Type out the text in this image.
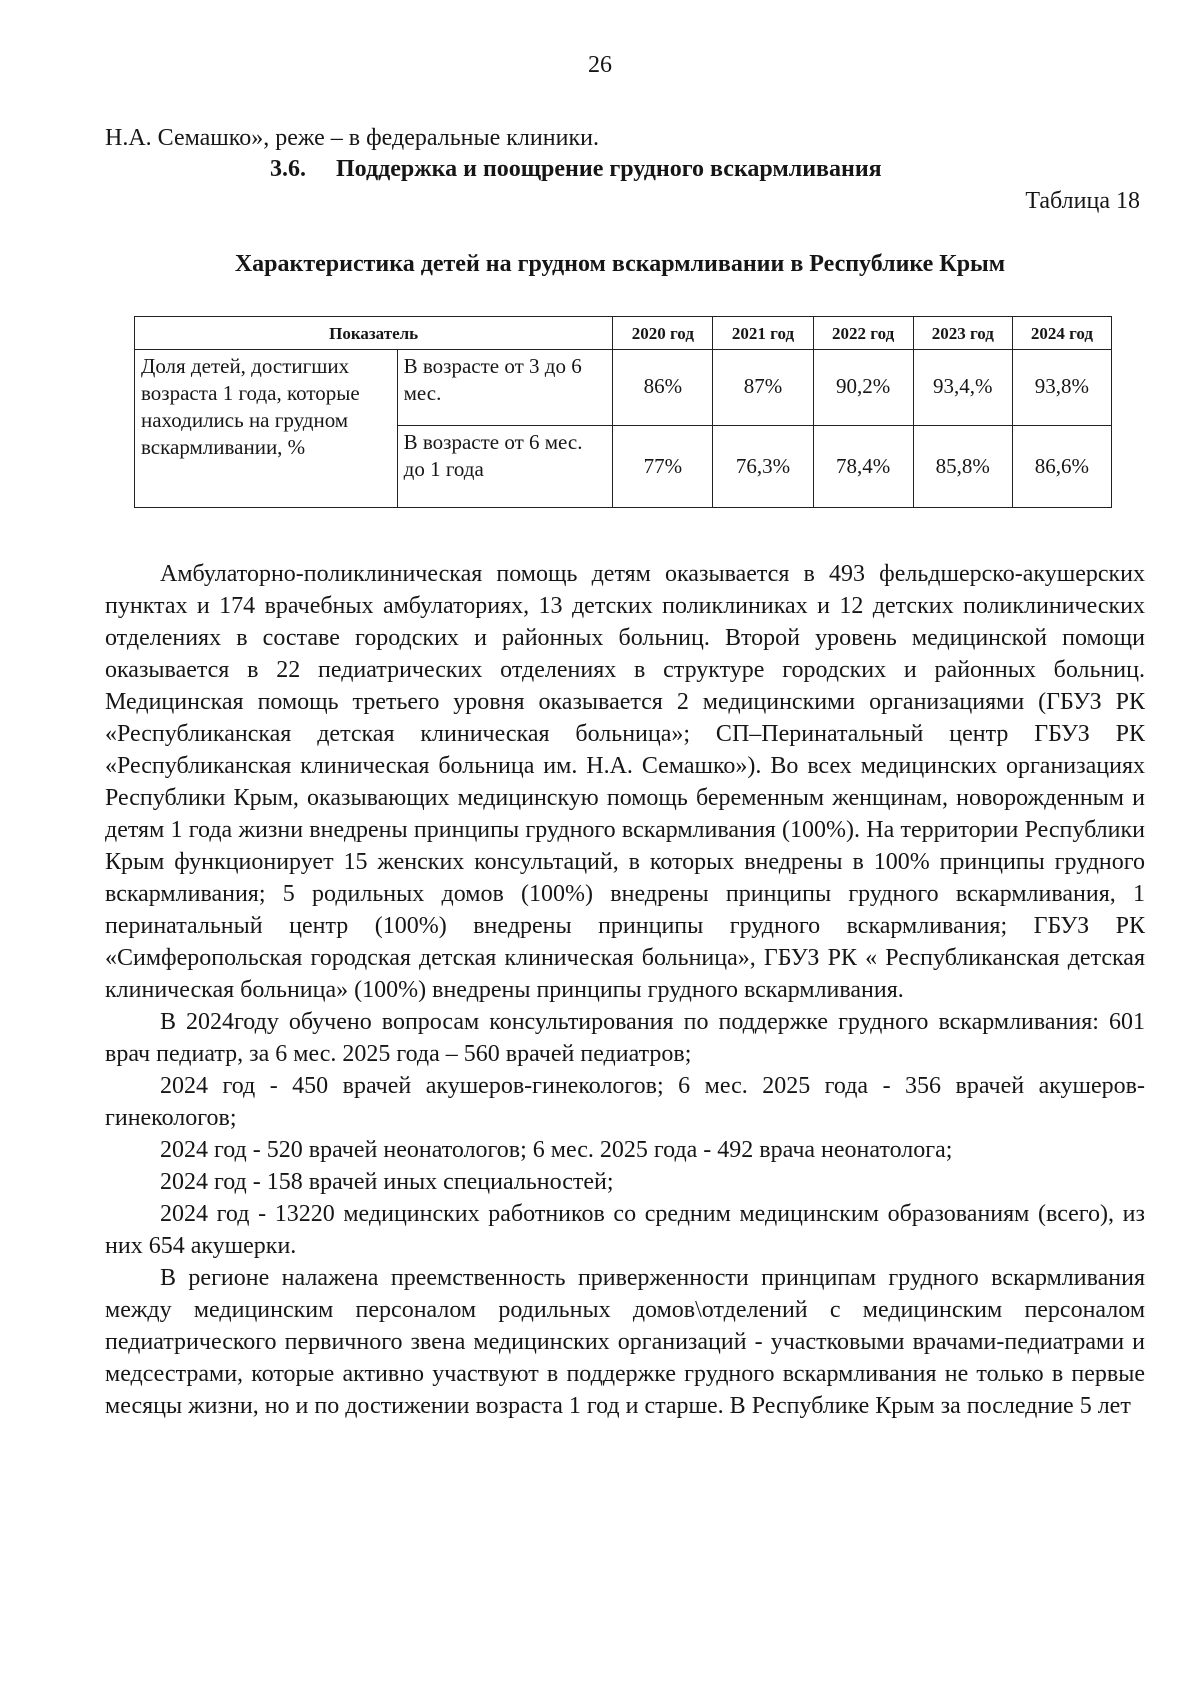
26
Н.А. Семашко», реже – в федеральные клиники.
3.6. Поддержка и поощрение грудного вскармливания
Таблица 18
Характеристика детей на грудном вскармливании в Республике Крым
Показатель		2020 год	2021 год	2022 год	2023 год	2024 год
Доля детей, достигших возраста 1 года, которые находились на грудном вскармливании, %	В возрасте от 3 до 6 мес.	86%	87%	90,2%	93,4,%	93,8%
	В возрасте от 6 мес. до 1 года	77%	76,3%	78,4%	85,8%	86,6%

Амбулаторно-поликлиническая помощь детям оказывается в 493 фельдшерско-акушерских пунктах и 174 врачебных амбулаториях, 13 детских поликлиниках и 12 детских поликлинических отделениях в составе городских и районных больниц. Второй уровень медицинской помощи оказывается в 22 педиатрических отделениях в структуре городских и районных больниц. Медицинская помощь третьего уровня оказывается 2 медицинскими организациями (ГБУЗ РК «Республиканская детская клиническая больница»; СП–Перинатальный центр ГБУЗ РК «Республиканская клиническая больница им. Н.А. Семашко»). Во всех медицинских организациях Республики Крым, оказывающих медицинскую помощь беременным женщинам, новорожденным и детям 1 года жизни внедрены принципы грудного вскармливания (100%). На территории Республики Крым функционирует 15 женских консультаций, в которых внедрены в 100% принципы грудного вскармливания; 5 родильных домов (100%) внедрены принципы грудного вскармливания, 1 перинатальный центр (100%) внедрены принципы грудного вскармливания; ГБУЗ РК «Симферопольская городская детская клиническая больница», ГБУЗ РК « Республиканская детская клиническая больница» (100%) внедрены принципы грудного вскармливания.

В 2024году обучено вопросам консультирования по поддержке грудного вскармливания: 601 врач педиатр, за 6 мес. 2025 года – 560 врачей педиатров;

2024 год - 450 врачей акушеров-гинекологов; 6 мес. 2025 года - 356 врачей акушеров-гинекологов;

2024 год - 520 врачей неонатологов; 6 мес. 2025 года - 492 врача неонатолога;

2024 год - 158 врачей иных специальностей;

2024 год - 13220 медицинских работников со средним медицинским образованиям (всего), из них 654 акушерки.

В регионе налажена преемственность приверженности принципам грудного вскармливания между медицинским персоналом родильных домов\отделений с медицинским персоналом педиатрического первичного звена медицинских организаций - участковыми врачами-педиатрами и медсестрами, которые активно участвуют в поддержке грудного вскармливания не только в первые месяцы жизни, но и по достижении возраста 1 год и старше. В Республике Крым за последние 5 лет
